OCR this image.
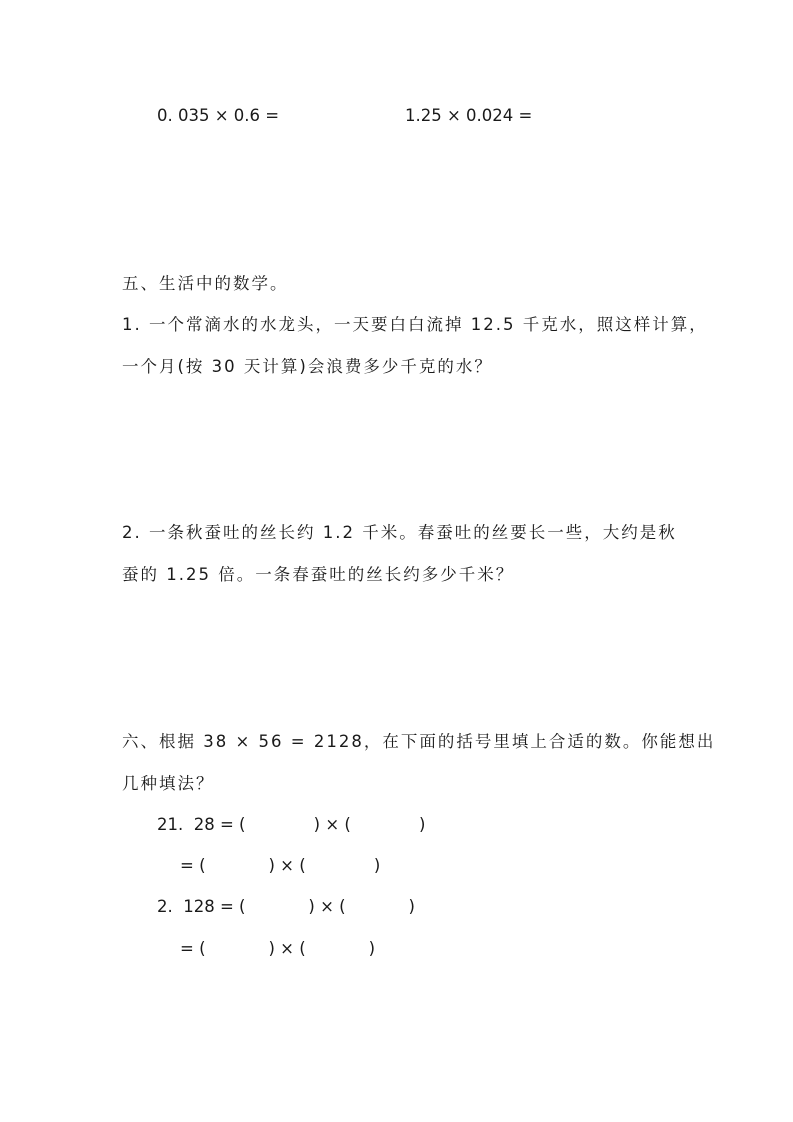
0. 035 × 0.6 =	1.25 × 0.024 =
五、生活中的数学。
1. 一个常滴水的水龙头，一天要白白流掉 12.5 千克水，照这样计算，
一个月(按 30 天计算)会浪费多少千克的水？
2. 一条秋蚕吐的丝长约 1.2 千米。春蚕吐的丝要长一些，大约是秋
蚕的 1.25 倍。一条春蚕吐的丝长约多少千米？
六、根据 38 × 56 = 2128，在下面的括号里填上合适的数。你能想出
几种填法？
21.  28 = (             ) × (             )
= (            ) × (             )
2.  128 = (            ) × (            )
= (            ) × (            )
